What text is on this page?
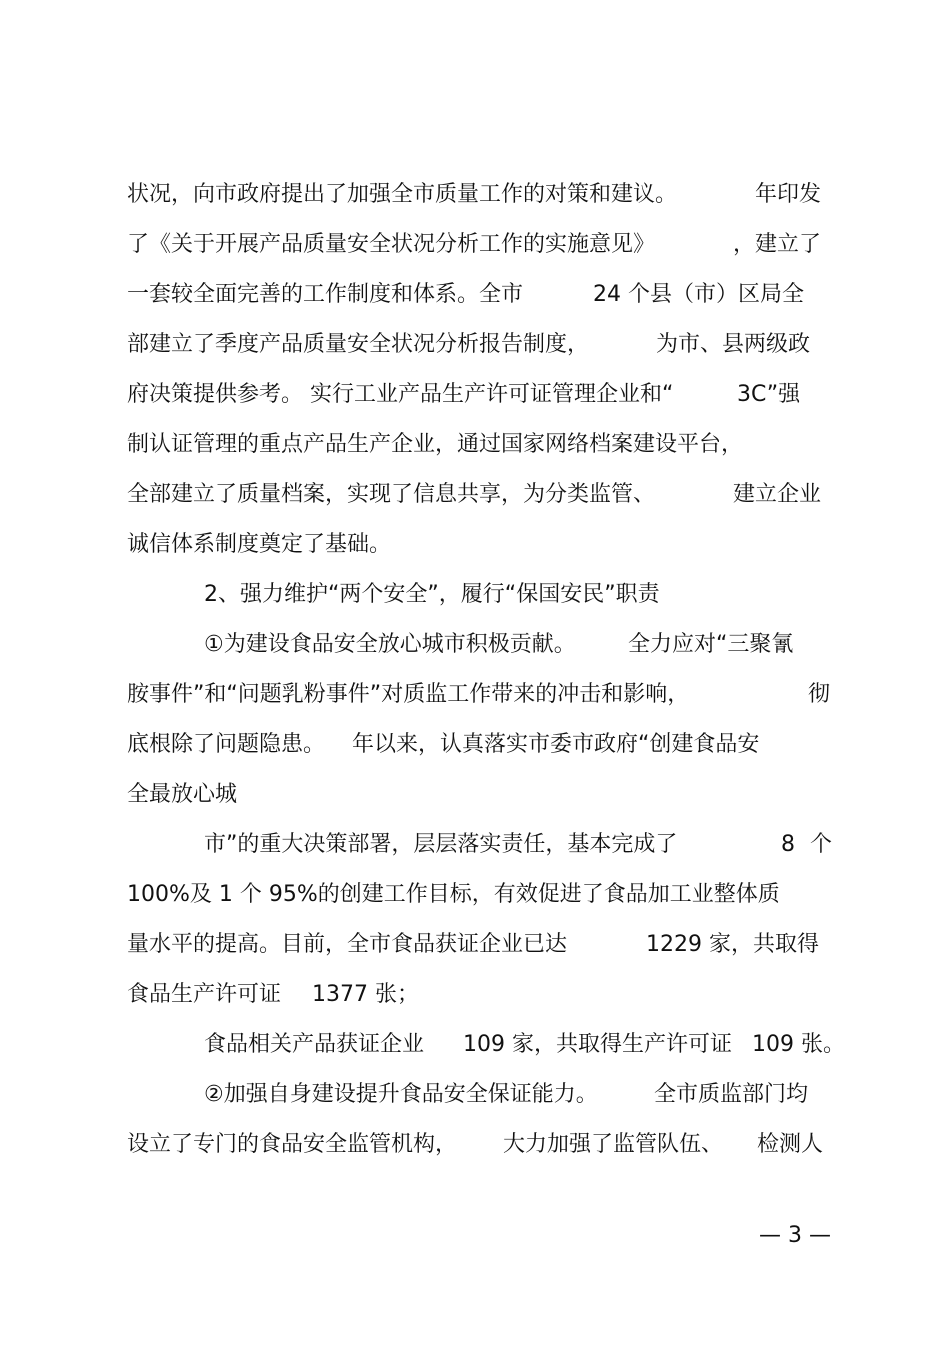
状况，向市政府提出了加强全市质量工作的对策和建议。	年印发
了《关于开展产品质量安全状况分析工作的实施意见》	，建立了
一套较全面完善的工作制度和体系。全市	24 个县（市）区局全
部建立了季度产品质量安全状况分析报告制度，	为市、县两级政
府决策提供参考。 实行工业产品生产许可证管理企业和“	3C”强
制认证管理的重点产品生产企业，通过国家网络档案建设平台，
全部建立了质量档案，实现了信息共享，为分类监管、	建立企业
诚信体系制度奠定了基础。
2、强力维护“两个安全”，履行“保国安民”职责
①为建设食品安全放心城市积极贡献。 全力应对“三聚氰
胺事件”和“问题乳粉事件”对质监工作带来的冲击和影响，	彻
底根除了问题隐患。 年以来，认真落实市委市政府“创建食品安
全最放心城
市”的重大决策部署，层层落实责任，基本完成了	8 个
100%及 1 个 95%的创建工作目标，有效促进了食品加工业整体质
量水平的提高。目前，全市食品获证企业已达	1229 家，共取得
食品生产许可证 1377 张；
食品相关产品获证企业 109 家，共取得生产许可证 109 张。
②加强自身建设提升食品安全保证能力。	全市质监部门均
设立了专门的食品安全监管机构， 大力加强了监管队伍、 检测人
— 3 —
